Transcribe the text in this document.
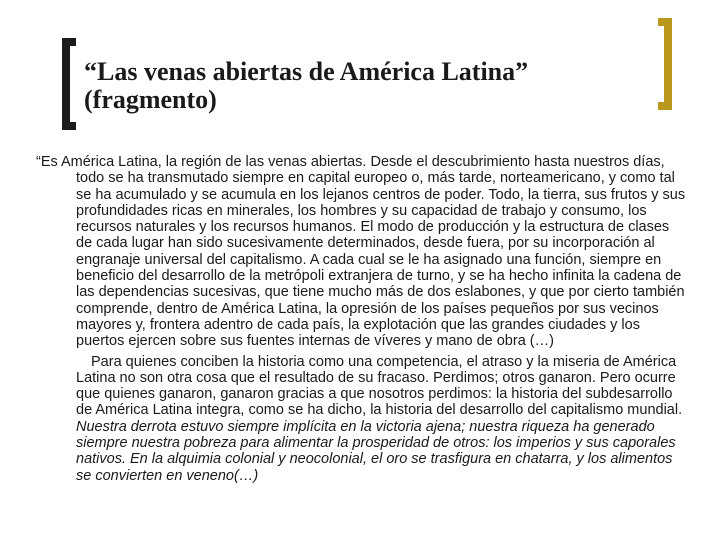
“Las venas abiertas de América Latina” (fragmento)

“Es América Latina, la región de las venas abiertas. Desde el descubrimiento hasta nuestros días, todo se ha transmutado siempre en capital europeo o, más tarde, norteamericano, y como tal se ha acumulado y se acumula en los lejanos centros de poder. Todo, la tierra, sus frutos y sus profundidades ricas en minerales, los hombres y su capacidad de trabajo y consumo, los recursos naturales y los recursos humanos. El modo de producción y la estructura de clases de cada lugar han sido sucesivamente determinados, desde fuera, por su incorporación al engranaje universal del capitalismo. A cada cual se le ha asignado una función, siempre en beneficio del desarrollo de la metrópoli extranjera de turno, y se ha hecho infinita la cadena de las dependencias sucesivas, que tiene mucho más de dos eslabones, y que por cierto también comprende, dentro de América Latina, la opresión de los países pequeños por sus vecinos mayores y, frontera adentro de cada país, la explotación que las grandes ciudades y los puertos ejercen sobre sus fuentes internas de víveres y mano de obra (…)

Para quienes conciben la historia como una competencia, el atraso y la miseria de América Latina no son otra cosa que el resultado de su fracaso. Perdimos; otros ganaron. Pero ocurre que quienes ganaron, ganaron gracias a que nosotros perdimos: la historia del subdesarrollo de América Latina integra, como se ha dicho, la historia del desarrollo del capitalismo mundial. Nuestra derrota estuvo siempre implícita en la victoria ajena; nuestra riqueza ha generado siempre nuestra pobreza para alimentar la prosperidad de otros: los imperios y sus caporales nativos. En la alquimia colonial y neocolonial, el oro se trasfigura en chatarra, y los alimentos se convierten en veneno(…)
